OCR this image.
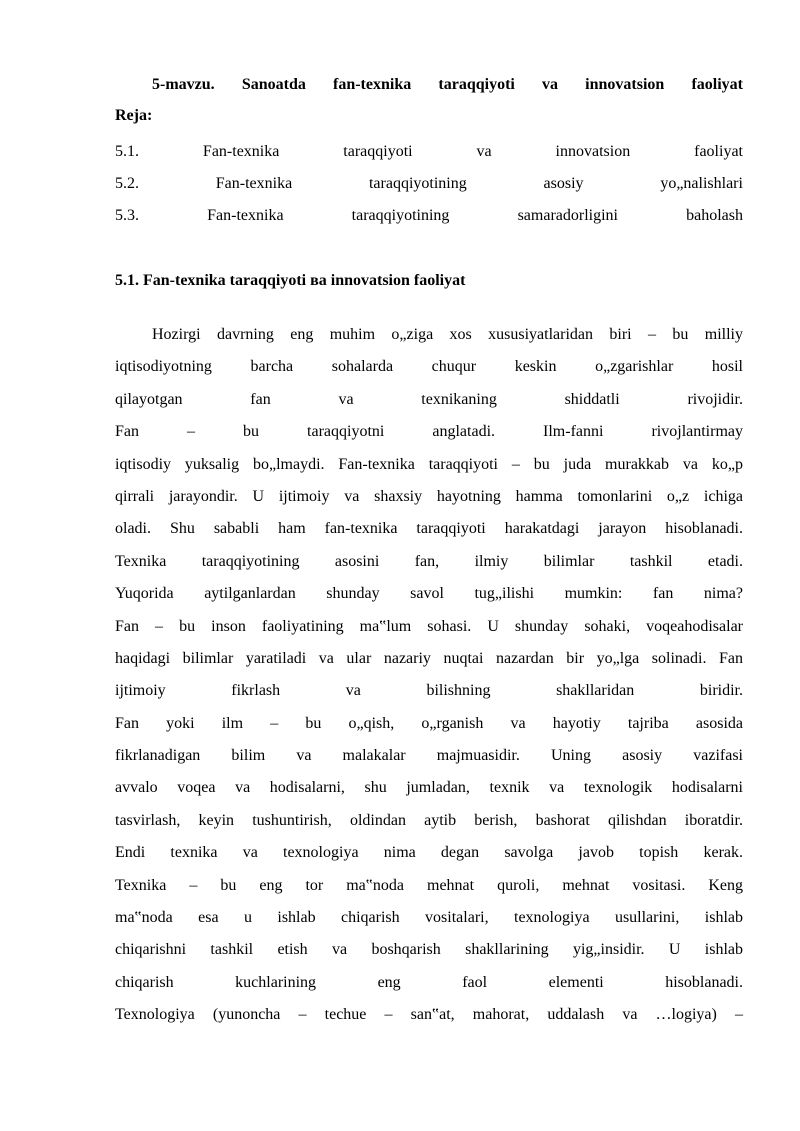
5-mavzu. Sanoatda fan-texnika taraqqiyoti va innovatsion faoliyat
Reja:
5.1.	Fan-texnika	taraqqiyoti	va	innovatsion	faoliyat
5.2.	Fan-texnika	taraqqiyotining	asosiy	yo„nalishlari
5.3.	Fan-texnika	taraqqiyotining	samaradorligini	baholash
5.1. Fan-texnika taraqqiyoti ва innovatsion faoliyat
Hozirgi davrning eng muhim o„ziga xos xususiyatlaridan biri – bu milliy
iqtisodiyotning barcha sohalarda chuqur keskin o„zgarishlar hosil
qilayotgan fan va texnikaning shiddatli rivojidir.
Fan – bu taraqqiyotni anglatadi. Ilm-fanni rivojlantirmay
iqtisodiy yuksalig bo„lmaydi. Fan-texnika taraqqiyoti – bu juda murakkab va ko„p
qirrali jarayondir. U ijtimoiy va shaxsiy hayotning hamma tomonlarini o„z ichiga
oladi. Shu sababli ham fan-texnika taraqqiyoti harakatdagi jarayon hisoblanadi.
Texnika taraqqiyotining asosini fan, ilmiy bilimlar tashkil etadi.
Yuqorida aytilganlardan shunday savol tug„ilishi mumkin: fan nima?
Fan – bu inson faoliyatining ma‟lum sohasi. U shunday sohaki, voqeahodisalar
haqidagi bilimlar yaratiladi va ular nazariy nuqtai nazardan bir yo„lga solinadi. Fan
ijtimoiy fikrlash va bilishning shakllaridan biridir.
Fan yoki ilm – bu o„qish, o„rganish va hayotiy tajriba asosida
fikrlanadigan bilim va malakalar majmuasidir. Uning asosiy vazifasi
avvalo voqea va hodisalarni, shu jumladan, texnik va texnologik hodisalarni
tasvirlash, keyin tushuntirish, oldindan aytib berish, bashorat qilishdan iboratdir.
Endi texnika va texnologiya nima degan savolga javob topish kerak.
Texnika – bu eng tor ma‟noda mehnat quroli, mehnat vositasi. Keng
ma‟noda esa u ishlab chiqarish vositalari, texnologiya usullarini, ishlab
chiqarishni tashkil etish va boshqarish shakllarining yig„insidir. U ishlab
chiqarish kuchlarining eng faol elementi hisoblanadi.
Texnologiya (yunoncha – techue – san‟at, mahorat, uddalash va …logiya) –
